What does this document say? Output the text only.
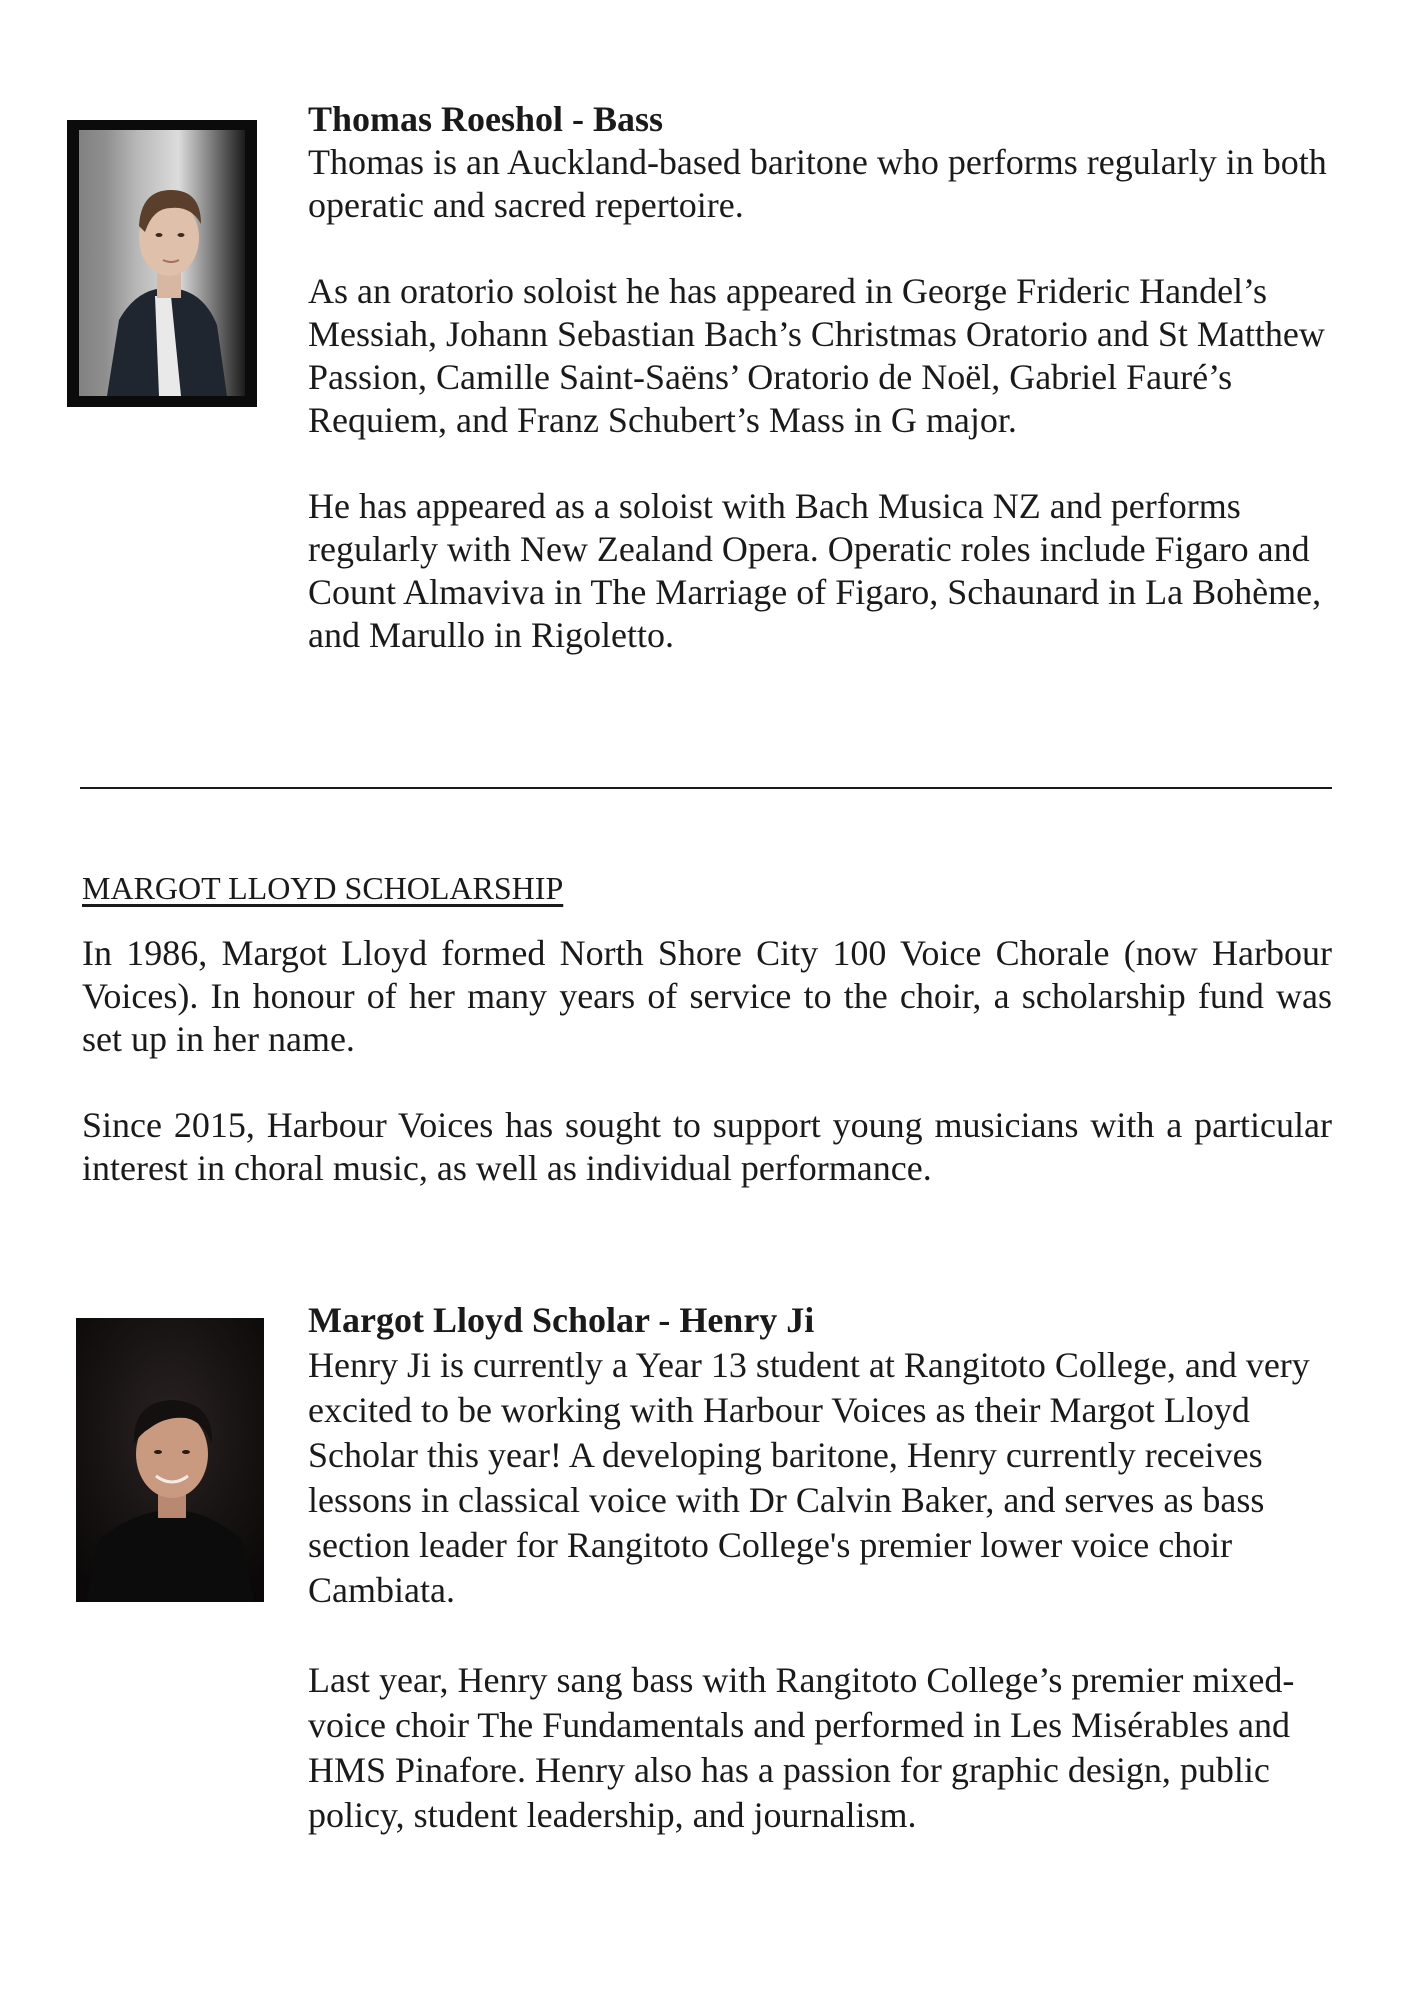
Thomas Roeshol - Bass

Thomas is an Auckland-based baritone who performs regularly in both operatic and sacred repertoire.

As an oratorio soloist he has appeared in George Frideric Handel’s Messiah, Johann Sebastian Bach’s Christmas Oratorio and St Matthew Passion, Camille Saint-Saëns’ Oratorio de Noël, Gabriel Fauré’s Requiem, and Franz Schubert’s Mass in G major.

He has appeared as a soloist with Bach Musica NZ and performs regularly with New Zealand Opera. Operatic roles include Figaro and Count Almaviva in The Marriage of Figaro, Schaunard in La Bohème, and Marullo in Rigoletto.

MARGOT LLOYD SCHOLARSHIP

In 1986, Margot Lloyd formed North Shore City 100 Voice Chorale (now Harbour Voices). In honour of her many years of service to the choir, a scholarship fund was set up in her name.

Since 2015, Harbour Voices has sought to support young musicians with a particular interest in choral music, as well as individual performance.

Margot Lloyd Scholar - Henry Ji

Henry Ji is currently a Year 13 student at Rangitoto College, and very excited to be working with Harbour Voices as their Margot Lloyd Scholar this year! A developing baritone, Henry currently receives lessons in classical voice with Dr Calvin Baker, and serves as bass section leader for Rangitoto College's premier lower voice choir Cambiata.

Last year, Henry sang bass with Rangitoto College’s premier mixed-voice choir The Fundamentals and performed in Les Misérables and HMS Pinafore. Henry also has a passion for graphic design, public policy, student leadership, and journalism.
